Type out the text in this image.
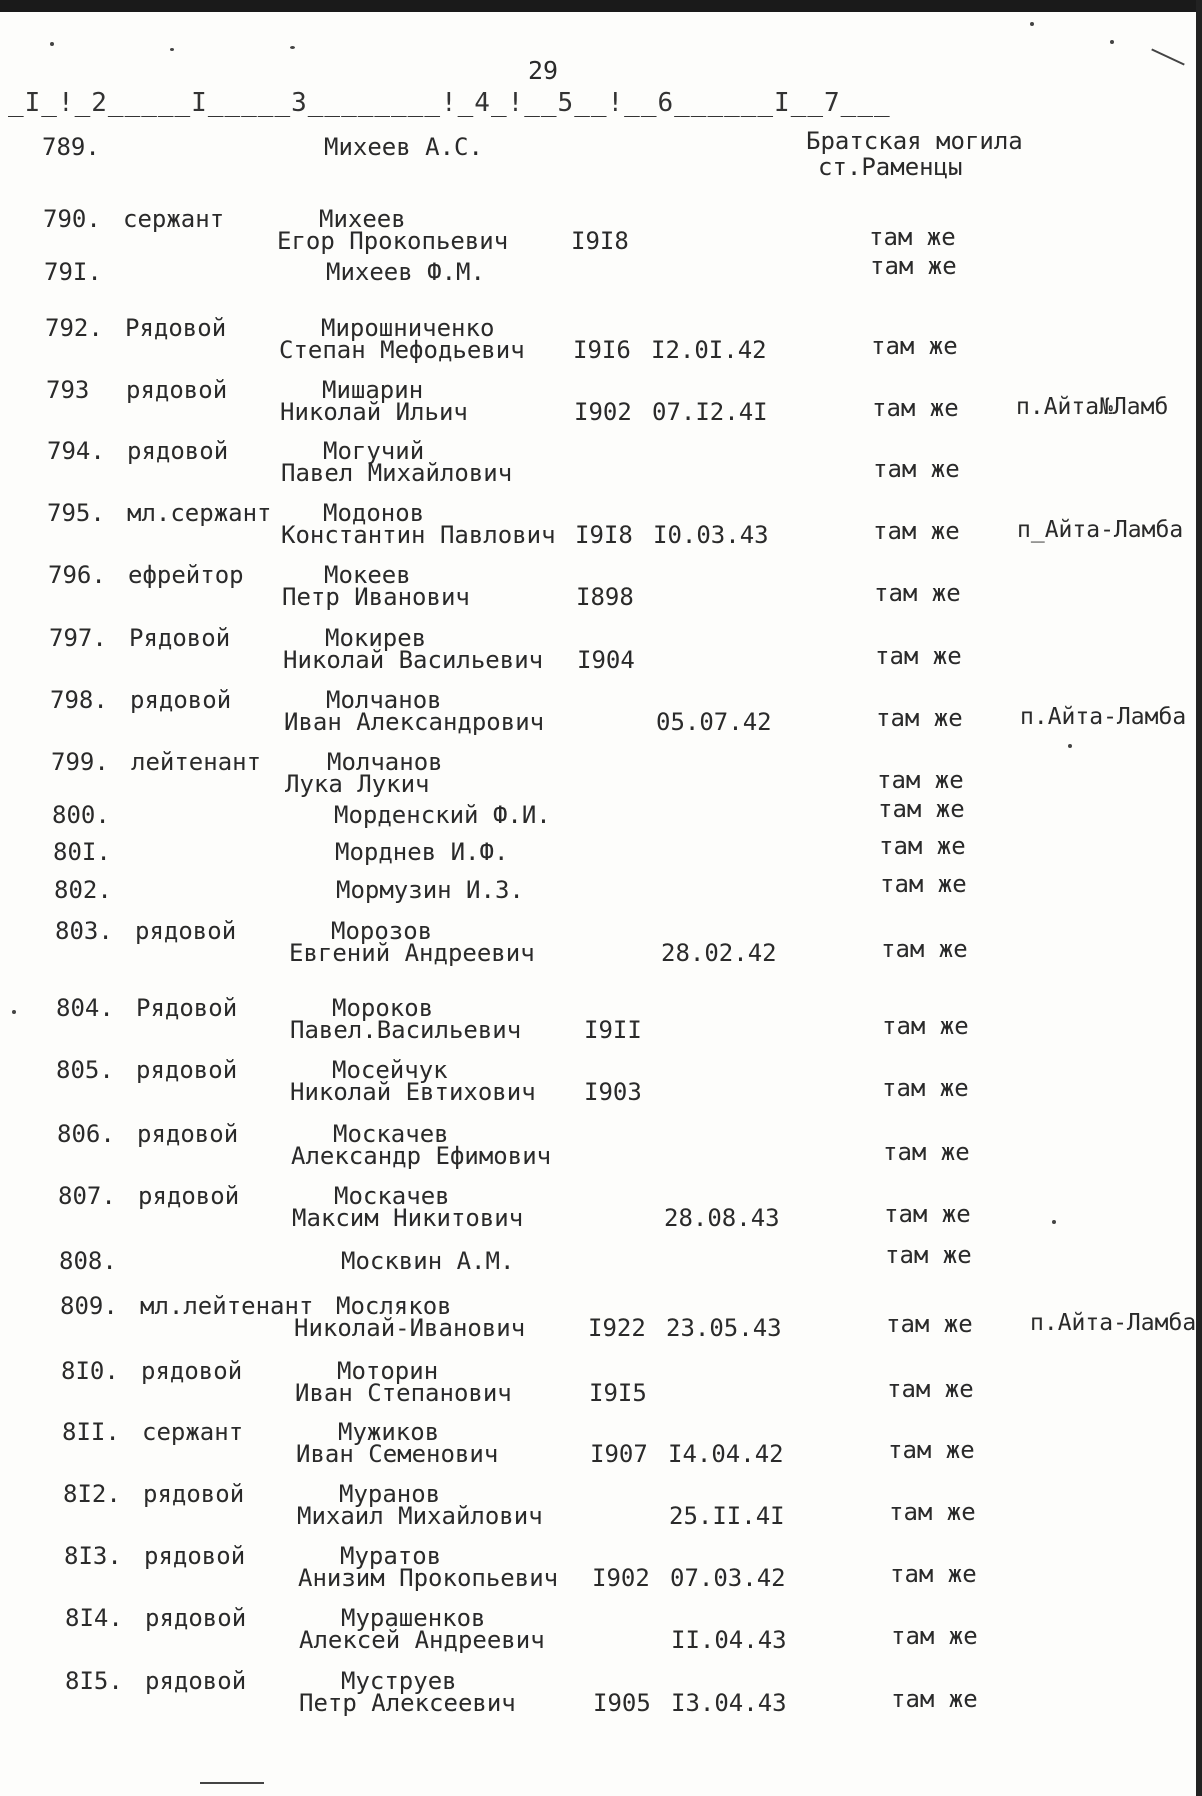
29
_I_!_2_____I_____3________!_4_!__5__!__6______I__7___
789.	Михеев А.С.	Братская могила
ст.Раменцы
790. сержант	Михеев
Егор Прокопьевич	I9I8	там же
79I.	Михеев Ф.М.	там же
792. Рядовой	Мирошниченко
Степан Мефодьевич I9I6 I2.0I.42	там же
793 рядовой	Мишарин
Николай Ильич	I902 07.I2.4I	там же п.Айта№Ламб
794. рядовой	Могучий
Павел Михайлович	там же
795. мл.сержант Модонов
Константин Павлович I9I8 I0.03.43	там же п_Айта-Ламба
796. ефрейтор	Мокеев
Петр Иванович	I898	там же
797. Рядовой	Мокирев
Николай Васильевич I904	там же
798. рядовой	Молчанов
Иван Александрович	05.07.42	там же п.Айта-Ламба
799. лейтенант	Молчанов
Лука Лукич	там же
800.	Морденский Ф.И.	там же
80I.	Морднев И.Ф.	там же
802.	Мормузин И.З.	там же
803. рядовой	Морозов
Евгений Андреевич	28.02.42	там же
804. Рядовой	Мороков
Павел.Васильевич	I9II	там же
805. рядовой	Мосейчук
Николай Евтихович I903	там же
806. рядовой	Москачев
Александр Ефимович	там же
807. рядовой	Москачев
Максим Никитович	28.08.43	там же
808.	Москвин А.М.	там же
809. мл.лейтенант Мосляков
Николай-Иванович	I922 23.05.43	там же п.Айта-Ламба
8I0. рядовой	Моторин
Иван Степанович	I9I5	там же
8II. сержант	Мужиков
Иван Семенович	I907 I4.04.42	там же
8I2. рядовой	Муранов
Михаил Михайлович	25.II.4I	там же
8I3. рядовой	Муратов
Анизим Прокопьевич I902 07.03.42	там же
8I4. рядовой	Мурашенков
Алексей Андреевич	II.04.43	там же
8I5. рядовой	Муструев
Петр Алексеевич	I905 I3.04.43	там же
